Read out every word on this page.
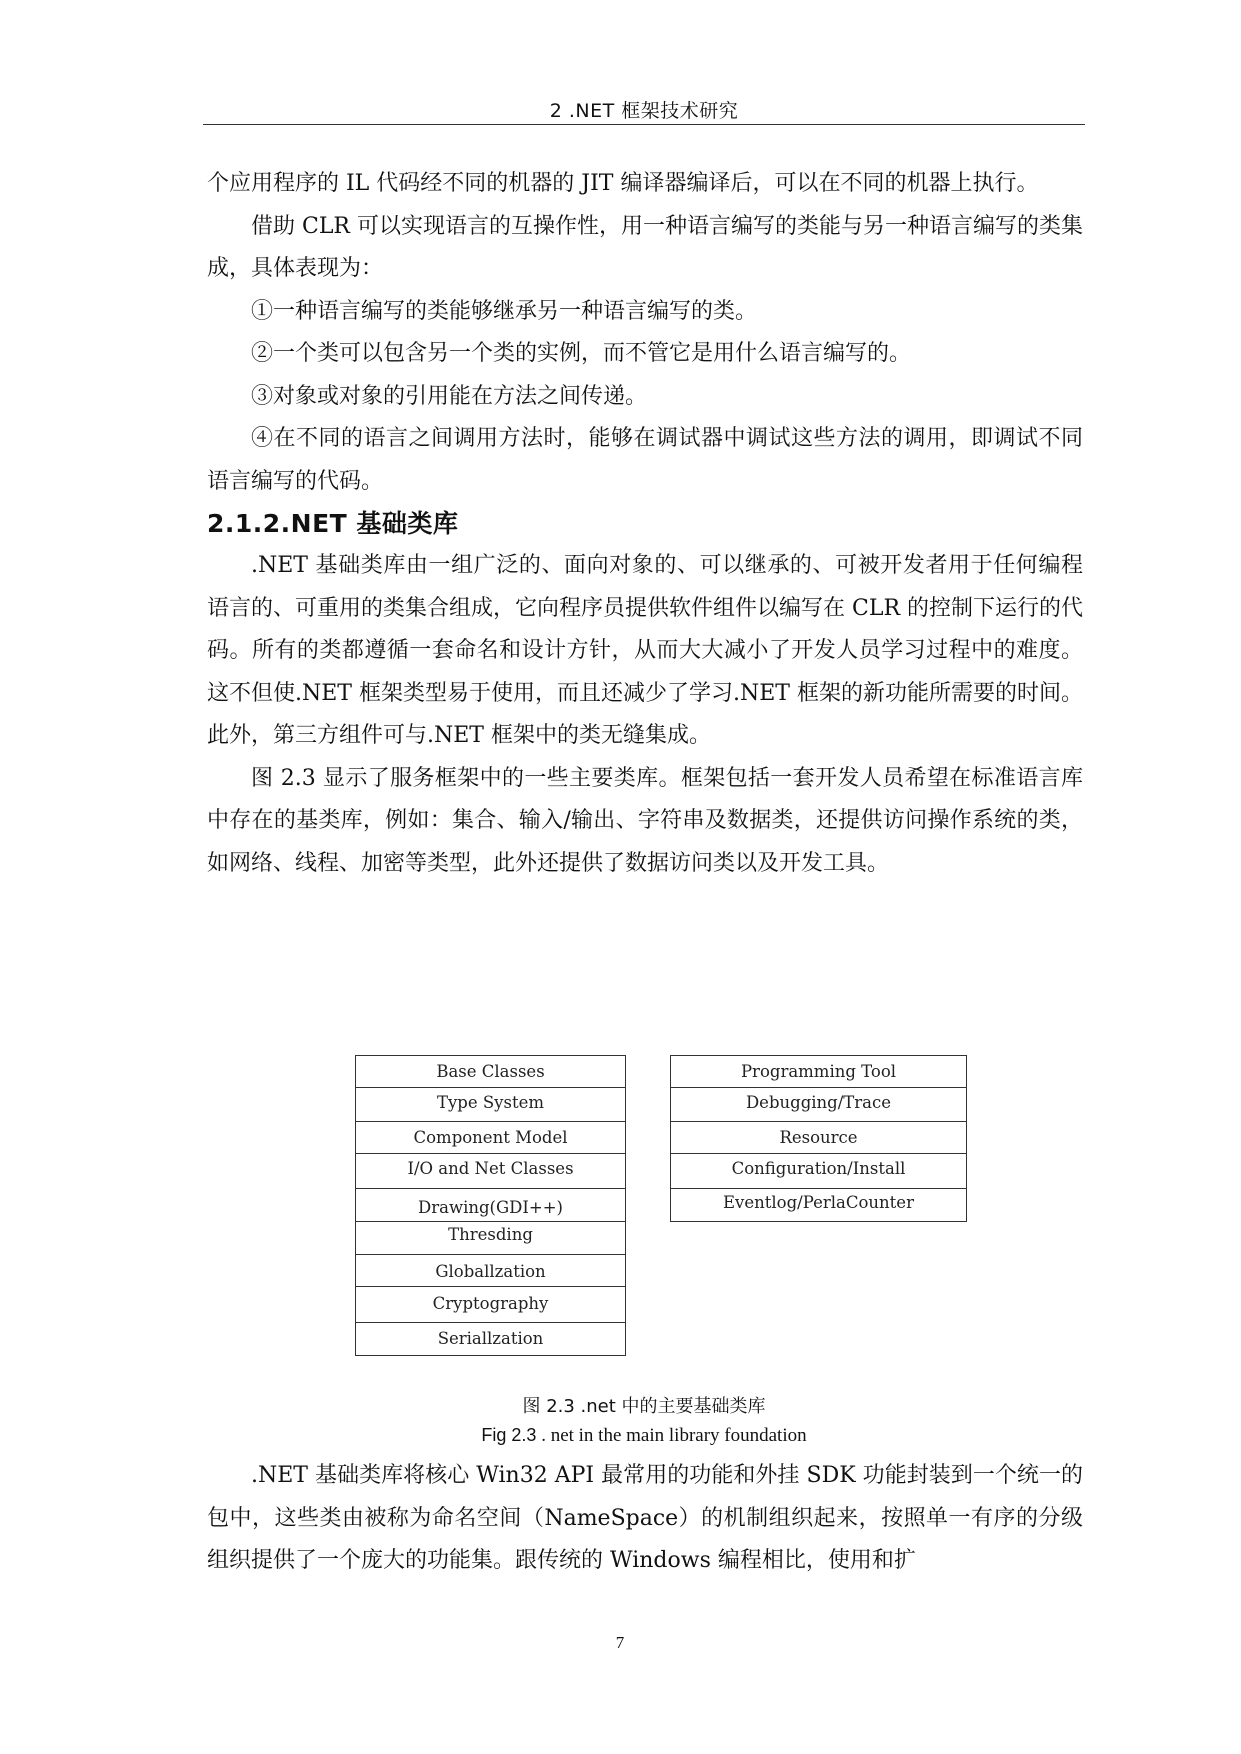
2 .NET 框架技术研究

个应用程序的 IL 代码经不同的机器的 JIT 编译器编译后，可以在不同的机器上执行。

借助 CLR 可以实现语言的互操作性，用一种语言编写的类能与另一种语言编写的类集成，具体表现为：

①一种语言编写的类能够继承另一种语言编写的类。

②一个类可以包含另一个类的实例，而不管它是用什么语言编写的。

③对象或对象的引用能在方法之间传递。

④在不同的语言之间调用方法时，能够在调试器中调试这些方法的调用，即调试不同语言编写的代码。

2.1.2.NET 基础类库

.NET 基础类库由一组广泛的、面向对象的、可以继承的、可被开发者用于任何编程语言的、可重用的类集合组成，它向程序员提供软件组件以编写在 CLR 的控制下运行的代码。所有的类都遵循一套命名和设计方针，从而大大减小了开发人员学习过程中的难度。这不但使.NET 框架类型易于使用，而且还减少了学习.NET 框架的新功能所需要的时间。此外，第三方组件可与.NET 框架中的类无缝集成。

图 2.3 显示了服务框架中的一些主要类库。框架包括一套开发人员希望在标准语言库中存在的基类库，例如：集合、输入/输出、字符串及数据类，还提供访问操作系统的类，如网络、线程、加密等类型，此外还提供了数据访问类以及开发工具。

Base Classes
Type System
Component Model
I/O and Net Classes
Drawing(GDI++)
Thresding
Globallzation
Cryptography
Seriallzation
Programming Tool
Debugging/Trace
Resource
Configuration/Install
Eventlog/PerlaCounter
图 2.3 .net 中的主要基础类库
Fig 2.3 . net in the main library foundation

.NET 基础类库将核心 Win32 API 最常用的功能和外挂 SDK 功能封装到一个统一的包中，这些类由被称为命名空间（NameSpace）的机制组织起来，按照单一有序的分级组织提供了一个庞大的功能集。跟传统的 Windows 编程相比，使用和扩

7
